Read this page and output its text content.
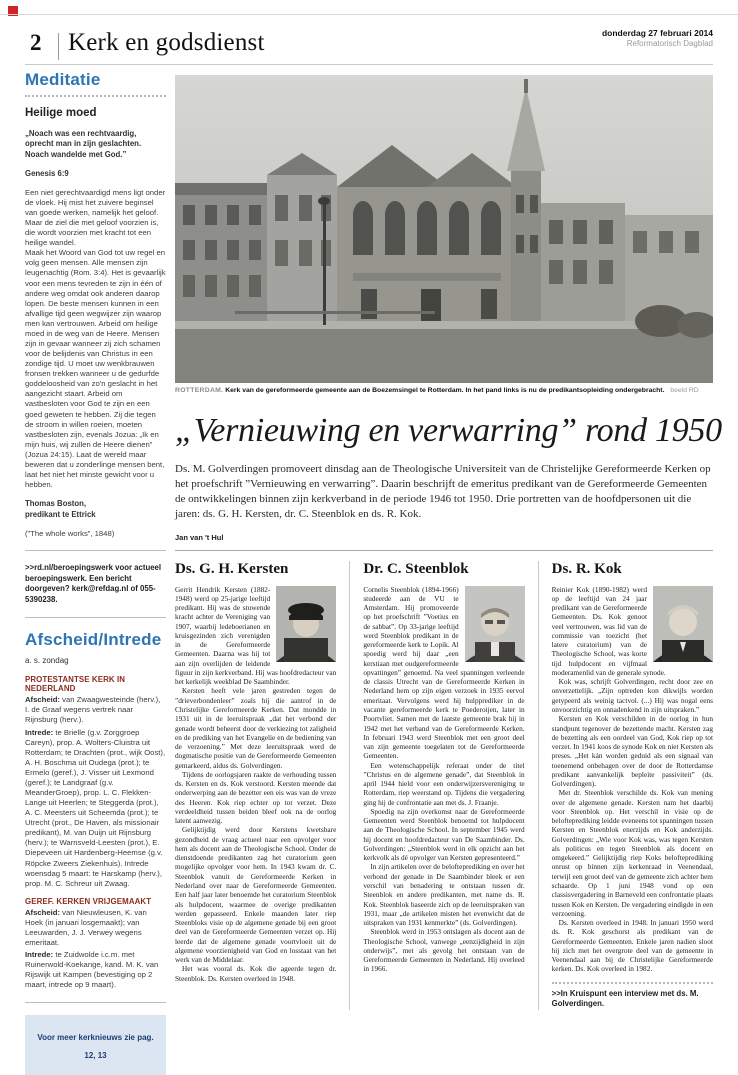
2 Kerk en godsdienst	donderdag 27 februari 2014
Reformatorisch Dagblad
Meditatie
Heilige moed
„Noach was een rechtvaardig, oprecht man in zijn geslachten. Noach wandelde met God.”
Genesis 6:9

Een niet gerechtvaardigd mens ligt onder de vloek. Hij mist het zuivere beginsel van goede werken, namelijk het geloof. Maar de ziel die met geloof voorzien is, die wordt voorzien met kracht tot een heilige wandel.

Maak het Woord van God tot uw regel en volg geen mensen. Alle mensen zijn leugenachtig (Rom. 3:4). Het is gevaarlijk voor een mens tevreden te zijn in één of andere weg omdat ook anderen daarop lopen. De beste mensen kunnen in een afvallige tijd geen wegwijzer zijn waarop men kan vertrouwen. Arbeid om heilige moed in de weg van de Heere. Mensen zijn in gevaar wanneer zij zich schamen voor de belijdenis van Christus in een zondige tijd. U moet uw wenkbrauwen fronsen trekken wanneer u de gedurfde goddeloosheid van zo'n geslacht in het aangezicht staart. Arbeid om vastbesloten voor God te zijn en een goed geweten te hebben. Zij die tegen de stroom in willen roeien, moeten vastbesloten zijn, evenals Jozua: „Ik en mijn huis, wij zullen de Heere dienen” (Jozua 24:15). Laat de wereld maar beweren dat u zonderlinge mensen bent, laat het niet het minste gewicht voor u hebben.

Thomas Boston,
predikant te Ettrick
(”The whole works”, 1848)
>>rd.nl/beroepingswerk voor actueel beroepingswerk. Een bericht doorgeven? kerk@refdag.nl of 055-5390238.
Afscheid/Intrede
a. s. zondag
PROTESTANTSE KERK IN NEDERLAND

Afscheid: van Zwaagwesteinde (herv.), I. de Graaf wegens vertrek naar Rijnsburg (herv.).

Intrede: te Brielle (g.v. Zorggroep Careyn), prop. A. Wolters-Cluistra uit Rotterdam; te Drachten (prot., wijk Oost), A. H. Boschma uit Oudega (prot.); te Ermelo (geref.), J. Visser uit Lexmond (geref.); te Landgraaf (g.v. MeanderGroep), prop. L. C. Flekken-Lange uit Heerlen; te Steggerda (prot.), A. C. Meesters uit Scheemda (prot.); te Utrecht (prot., De Haven, als missionair predikant), M. van Duijn uit Rijnsburg (herv.); te Warnsveld-Leesten (prot.), E. Diepeveen uit Hardenberg-Heemse (g.v. Röpcke Zweers Ziekenhuis). Intrede woensdag 5 maart: te Harskamp (herv.), prop. M. C. Schreur uit Zwaag.

GEREF. KERKEN VRIJGEMAAKT

Afscheid: van Nieuwleusen, K. van Hoek (in januari losgemaakt); van Leeuwarden, J. J. Verwey wegens emeritaat.

Intrede: te Zuidwolde i.c.m. met Ruinerwold-Koekange, kand. M. K. van Rijswijk uit Kampen (bevestiging op 2 maart, intrede op 9 maart).

Voor meer kerknieuws zie pag. 12, 13
ROTTERDAM. Kerk van de gereformeerde gemeente aan de Boezemsingel te Rotterdam. In het pand links is nu de predikantsopleiding ondergebracht. beeld RD
„Vernieuwing en verwarring” rond 1950
Ds. M. Golverdingen promoveert dinsdag aan de Theologische Universiteit van de Christelijke Gereformeerde Kerken op het proefschrift ”Vernieuwing en verwarring”. Daarin beschrijft de emeritus predikant van de Gereformeerde Gemeenten de ontwikkelingen binnen zijn kerkverband in de periode 1946 tot 1950. Drie portretten van de hoofdpersonen uit die jaren: ds. G. H. Kersten, dr. C. Steenblok en ds. R. Kok.
Jan van 't Hul
Ds. G. H. Kersten

Gerrit Hendrik Kersten (1882-1948) werd op 25-jarige leeftijd predikant. Hij was de stuwende kracht achter de Vereniging van 1907, waarbij ledeboerianen en kruisgezinden zich verenigden in de Gereformeerde Gemeenten. Daarna was hij tot aan zijn overlijden de leidende figuur in zijn kerkverband. Hij was hoofdredacteur van het kerkelijk weekblad De Saambinder.

Kersten heeft vele jaren gestreden tegen de ”drieverbondenleer” zoals hij die aantrof in de Christelijke Gereformeerde Kerken. Dat mondde in 1931 uit in de leeruitspraak „dat het verbond der genade wordt beheerst door de verkiezing tot zaligheid en de prediking van het Evangelie en de bediening van de verzoening.” Met deze leeruitspraak werd de dogmatische positie van de Gereformeerde Gemeenten gemarkeerd, aldus ds. Golverdingen.

Tijdens de oorlogsjaren raakte de verhouding tussen ds. Kersten en ds. Kok verstoord. Kersten meende dat onderwerping aan de bezetter een eis was van de vreze des Heeren. Kok riep echter op tot verzet. Deze verdeeldheid tussen beiden bleef ook na de oorlog latent aanwezig.

Gelijktijdig werd door Kerstens kwetsbare gezondheid de vraag actueel naar een opvolger voor hem als docent aan de Theologische School. Onder de dienstdoende predikanten zag het curatorium geen mogelijke opvolger voor hem. In 1943 kwam dr. C. Steenblok vanuit de Gereformeerde Kerken in Nederland over naar de Gereformeerde Gemeenten. Een half jaar later benoemde het curatorium Steenblok als hulpdocent, waarmee de overige predikanten werden gepasseerd. Enkele maanden later riep Steenbloks visie op de algemene genade bij een groot deel van de Gereformeerde Gemeenten verzet op. Hij leerde dat de algemene genade voortvloeit uit de algemene voorzienigheid van God en losstaat van het werk van de Middelaar.

Het was vooral ds. Kok die ageerde tegen dr. Steenblok. Ds. Kersten overleed in 1948.

Dr. C. Steenblok

Cornelis Steenblok (1894-1966) studeerde aan de VU te Amsterdam. Hij promoveerde op het proefschrift ”Voetius en de sabbat”. Op 33-jarige leeftijd werd Steenblok predikant in de gereformeerde kerk te Lopik. Al spoedig werd hij daar „een kerstiaan met oudgereformeerde opvattingen” genoemd. Na veel spanningen verleende de classis Utrecht van de Gereformeerde Kerken in Nederland hem op zijn eigen verzoek in 1935 eervol emeritaat. Vervolgens werd hij hulpprediker in de vacante gereformeerde kerk te Poederoijen, later in Poortvliet. Samen met de laatste gemeente brak hij in 1942 met het verband van de Gereformeerde Kerken. In februari 1943 werd Steenblok met een groot deel van zijn gemeente toegelaten tot de Gereformeerde Gemeenten.

Een wetenschappelijk referaat onder de titel ”Christus en de algemene genade”, dat Steenblok in april 1944 hield voor een onderwijzersvereniging te Rotterdam, riep weerstand op. Tijdens die vergadering ging hij de confrontatie aan met ds. J. Fraanje.

Spoedig na zijn overkomst naar de Gereformeerde Gemeenten werd Steenblok benoemd tot hulpdocent aan de Theologische School. In september 1945 werd hij docent en hoofdredacteur van De Saambinder. Ds. Golverdingen: „Steenblok werd in elk opzicht aan het kerkvolk als dé opvolger van Kersten gepresenteerd.”

In zijn artikelen over de belofteprediking en over het verbond der genade in De Saambinder bleek er een verschil van benadering te ontstaan tussen dr. Steenblok en andere predikanten, met name ds. R. Kok. Steenblok baseerde zich op de leeruitspraken van 1931, maar „de artikelen misten het evenwicht dat de uitspraken van 1931 kenmerkte” (ds. Golverdingen).

Steenblok werd in 1953 ontslagen als docent aan de Theologische School, vanwege „eenzijdigheid in zijn onderwijs”, met als gevolg het ontstaan van de Gereformeerde Gemeenten in Nederland. Hij overleed in 1966.

Ds. R. Kok

Reinier Kok (1890-1982) werd op de leeftijd van 24 jaar predikant van de Gereformeerde Gemeenten. Ds. Kok genoot veel vertrouwen, was lid van de commissie van toezicht (het latere curatorium) van de Theologische School, was korte tijd hulpdocent en vijfmaal moderamenlid van de generale synode.

Kok was, schrijft Golverdingen, recht door zee en onverzettelijk. „Zijn optreden kon dikwijls worden getypeerd als weinig tactvol. (...) Hij was nogal eens onvoorzichtig en onnadenkend in zijn uitspraken.”

Kersten en Kok verschilden in de oorlog in hun standpunt tegenover de bezettende macht. Kersten zag de bezetting als een oordeel van God, Kok riep op tot verzet. In 1941 koos de synode Kok en niet Kersten als preses. „Het kán worden geduid als een signaal van toenemend onbehagen over de door de Rotterdamse predikant aanvankelijk bepleite passiviteit” (ds. Golverdingen).

Met dr. Steenblok verschilde ds. Kok van mening over de algemene genade. Kersten nam het daarbij voor Steenblok op. Het verschil in visie op de belofteprediking leidde eveneens tot spanningen tussen Kersten en Steenblok enerzijds en Kok anderzijds. Golverdingen: „Wie voor Kok was, was tegen Kersten als politicus en tegen Steenblok als docent en omgekeerd.” Gelijktijdig riep Koks belofteprediking onrust op binnen zijn kerkenraad in Veenendaal, terwijl een groot deel van de gemeente zich achter hem schaarde. Op 1 juni 1948 vond op een classisvergadering in Barneveld een confrontatie plaats tussen Kok en Kersten. De vergadering eindigde in een verzoening.

Ds. Kersten overleed in 1948. In januari 1950 werd ds. R. Kok geschorst als predikant van de Gereformeerde Gemeenten. Enkele jaren nadien sloot hij zich met het overgrote deel van de gemeente in Veenendaal aan bij de Christelijke Gereformeerde kerken. Ds. Kok overleed in 1982.

>>In Kruispunt een interview met ds. M. Golverdingen.
